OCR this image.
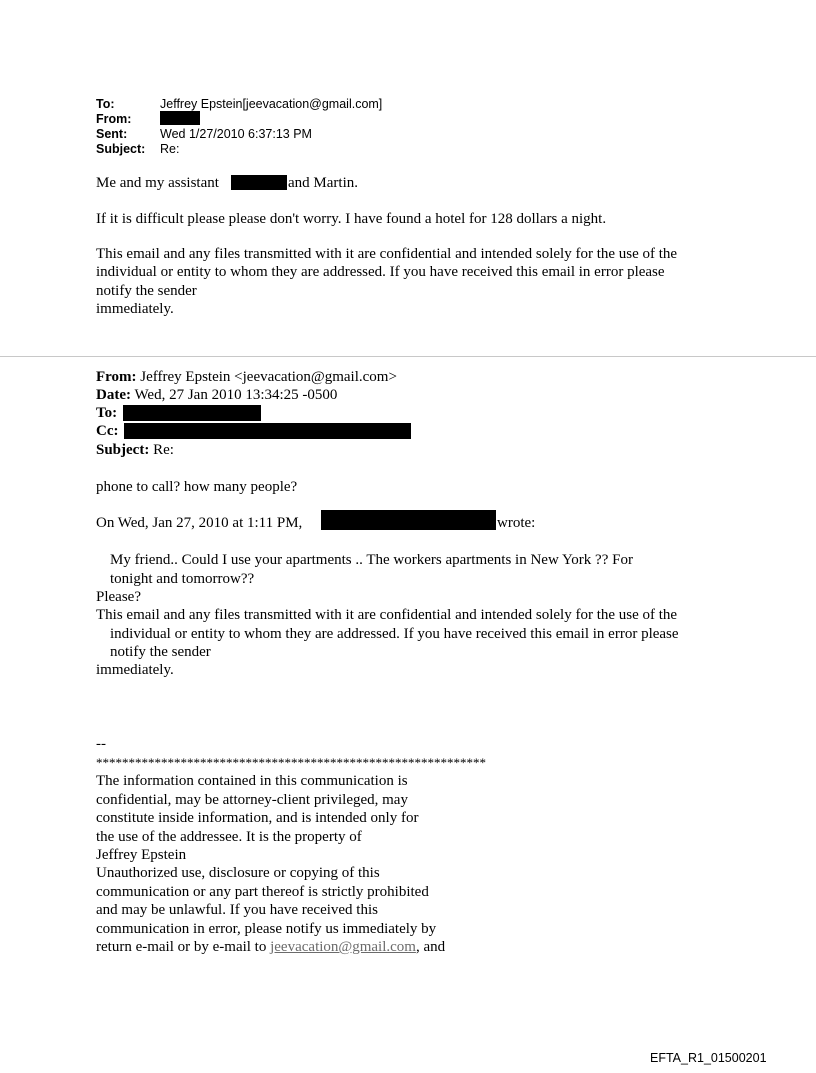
To:	Jeffrey Epstein[jeevacation@gmail.com]
From:
Sent:	Wed 1/27/2010 6:37:13 PM
Subject: Re:
Me and my assistant	and Martin.
If it is difficult please please don't worry. I have found a hotel for 128 dollars a night.
This email and any files transmitted with it are confidential and intended solely for the use of the
individual or entity to whom they are addressed. If you have received this email in error please
notify the sender
immediately.
From: Jeffrey Epstein <jeevacation@gmail.com>
Date: Wed, 27 Jan 2010 13:34:25 -0500
To:
Cc:
Subject: Re:
phone to call? how many people?
On Wed, Jan 27, 2010 at 1:11 PM,	wrote:
My friend.. Could I use your apartments .. The workers apartments in New York ?? For
tonight and tomorrow??
Please?
This email and any files transmitted with it are confidential and intended solely for the use of the
individual or entity to whom they are addressed. If you have received this email in error please
notify the sender
immediately.
--
************************************************************
The information contained in this communication is
confidential, may be attorney-client privileged, may
constitute inside information, and is intended only for
the use of the addressee. It is the property of
Jeffrey Epstein
Unauthorized use, disclosure or copying of this
communication or any part thereof is strictly prohibited
and may be unlawful. If you have received this
communication in error, please notify us immediately by
return e-mail or by e-mail to jeevacation@gmail.com, and
EFTA_R1_01500201
